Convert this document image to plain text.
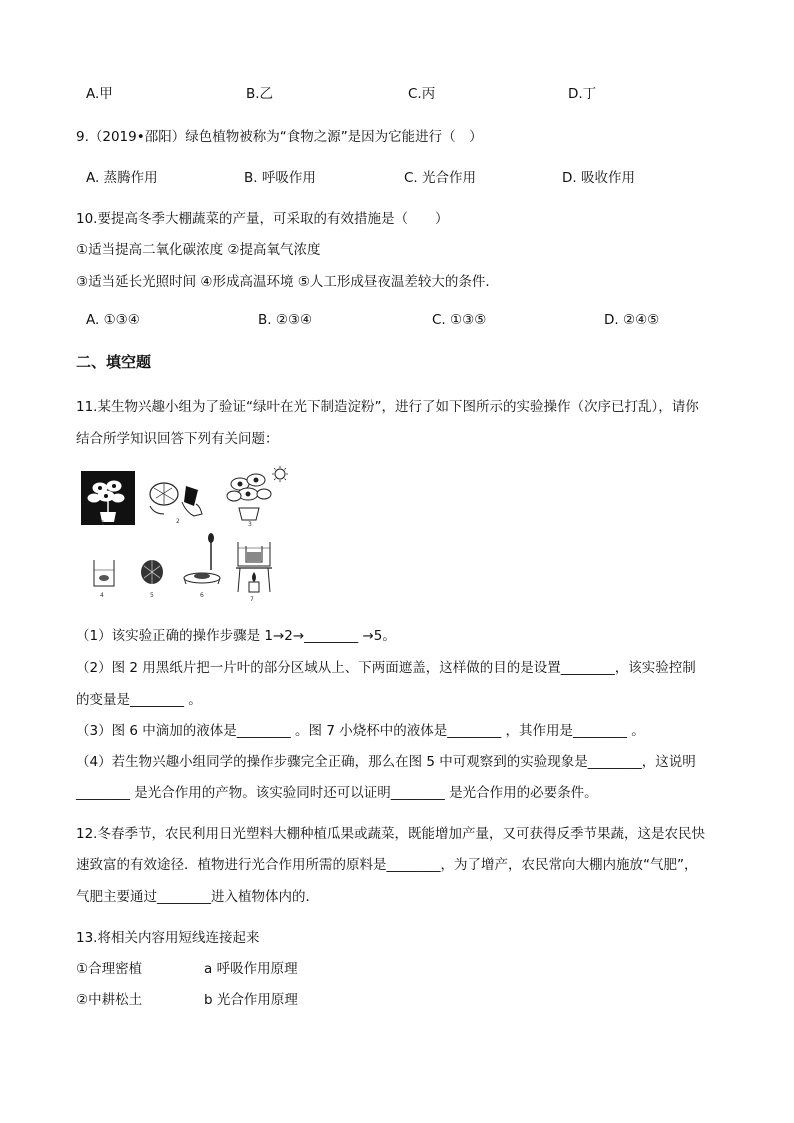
A.甲	B.乙	C.丙	D.丁
9.（2019•邵阳）绿色植物被称为“食物之源”是因为它能进行（　）
A. 蒸腾作用	B. 呼吸作用	C. 光合作用	D. 吸收作用
10.要提高冬季大棚蔬菜的产量，可采取的有效措施是（　　）
①适当提高二氧化碳浓度 ②提高氧气浓度
③适当延长光照时间 ④形成高温环境 ⑤人工形成昼夜温差较大的条件．
A. ①③④	B. ②③④	C. ①③⑤	D. ②④⑤
二、填空题
11.某生物兴趣小组为了验证“绿叶在光下制造淀粉”，进行了如下图所示的实验操作（次序已打乱），请你
结合所学知识回答下列有关问题：
1	2	3
4	5	6
7
（1）该实验正确的操作步骤是 1→2→________ →5。
（2）图 2 用黑纸片把一片叶的部分区域从上、下两面遮盖，这样做的目的是设置________，该实验控制
的变量是________ 。
（3）图 6 中滴加的液体是________ 。图 7 小烧杯中的液体是________ ，其作用是________ 。
（4）若生物兴趣小组同学的操作步骤完全正确，那么在图 5 中可观察到的实验现象是________，这说明
________ 是光合作用的产物。该实验同时还可以证明________ 是光合作用的必要条件。
12.冬春季节，农民利用日光塑料大棚种植瓜果或蔬菜，既能增加产量，又可获得反季节果蔬，这是农民快
速致富的有效途径．植物进行光合作用所需的原料是________，为了增产，农民常向大棚内施放“气肥”，
气肥主要通过________进入植物体内的．
13.将相关内容用短线连接起来
①合理密植	a 呼吸作用原理
②中耕松土	b 光合作用原理
